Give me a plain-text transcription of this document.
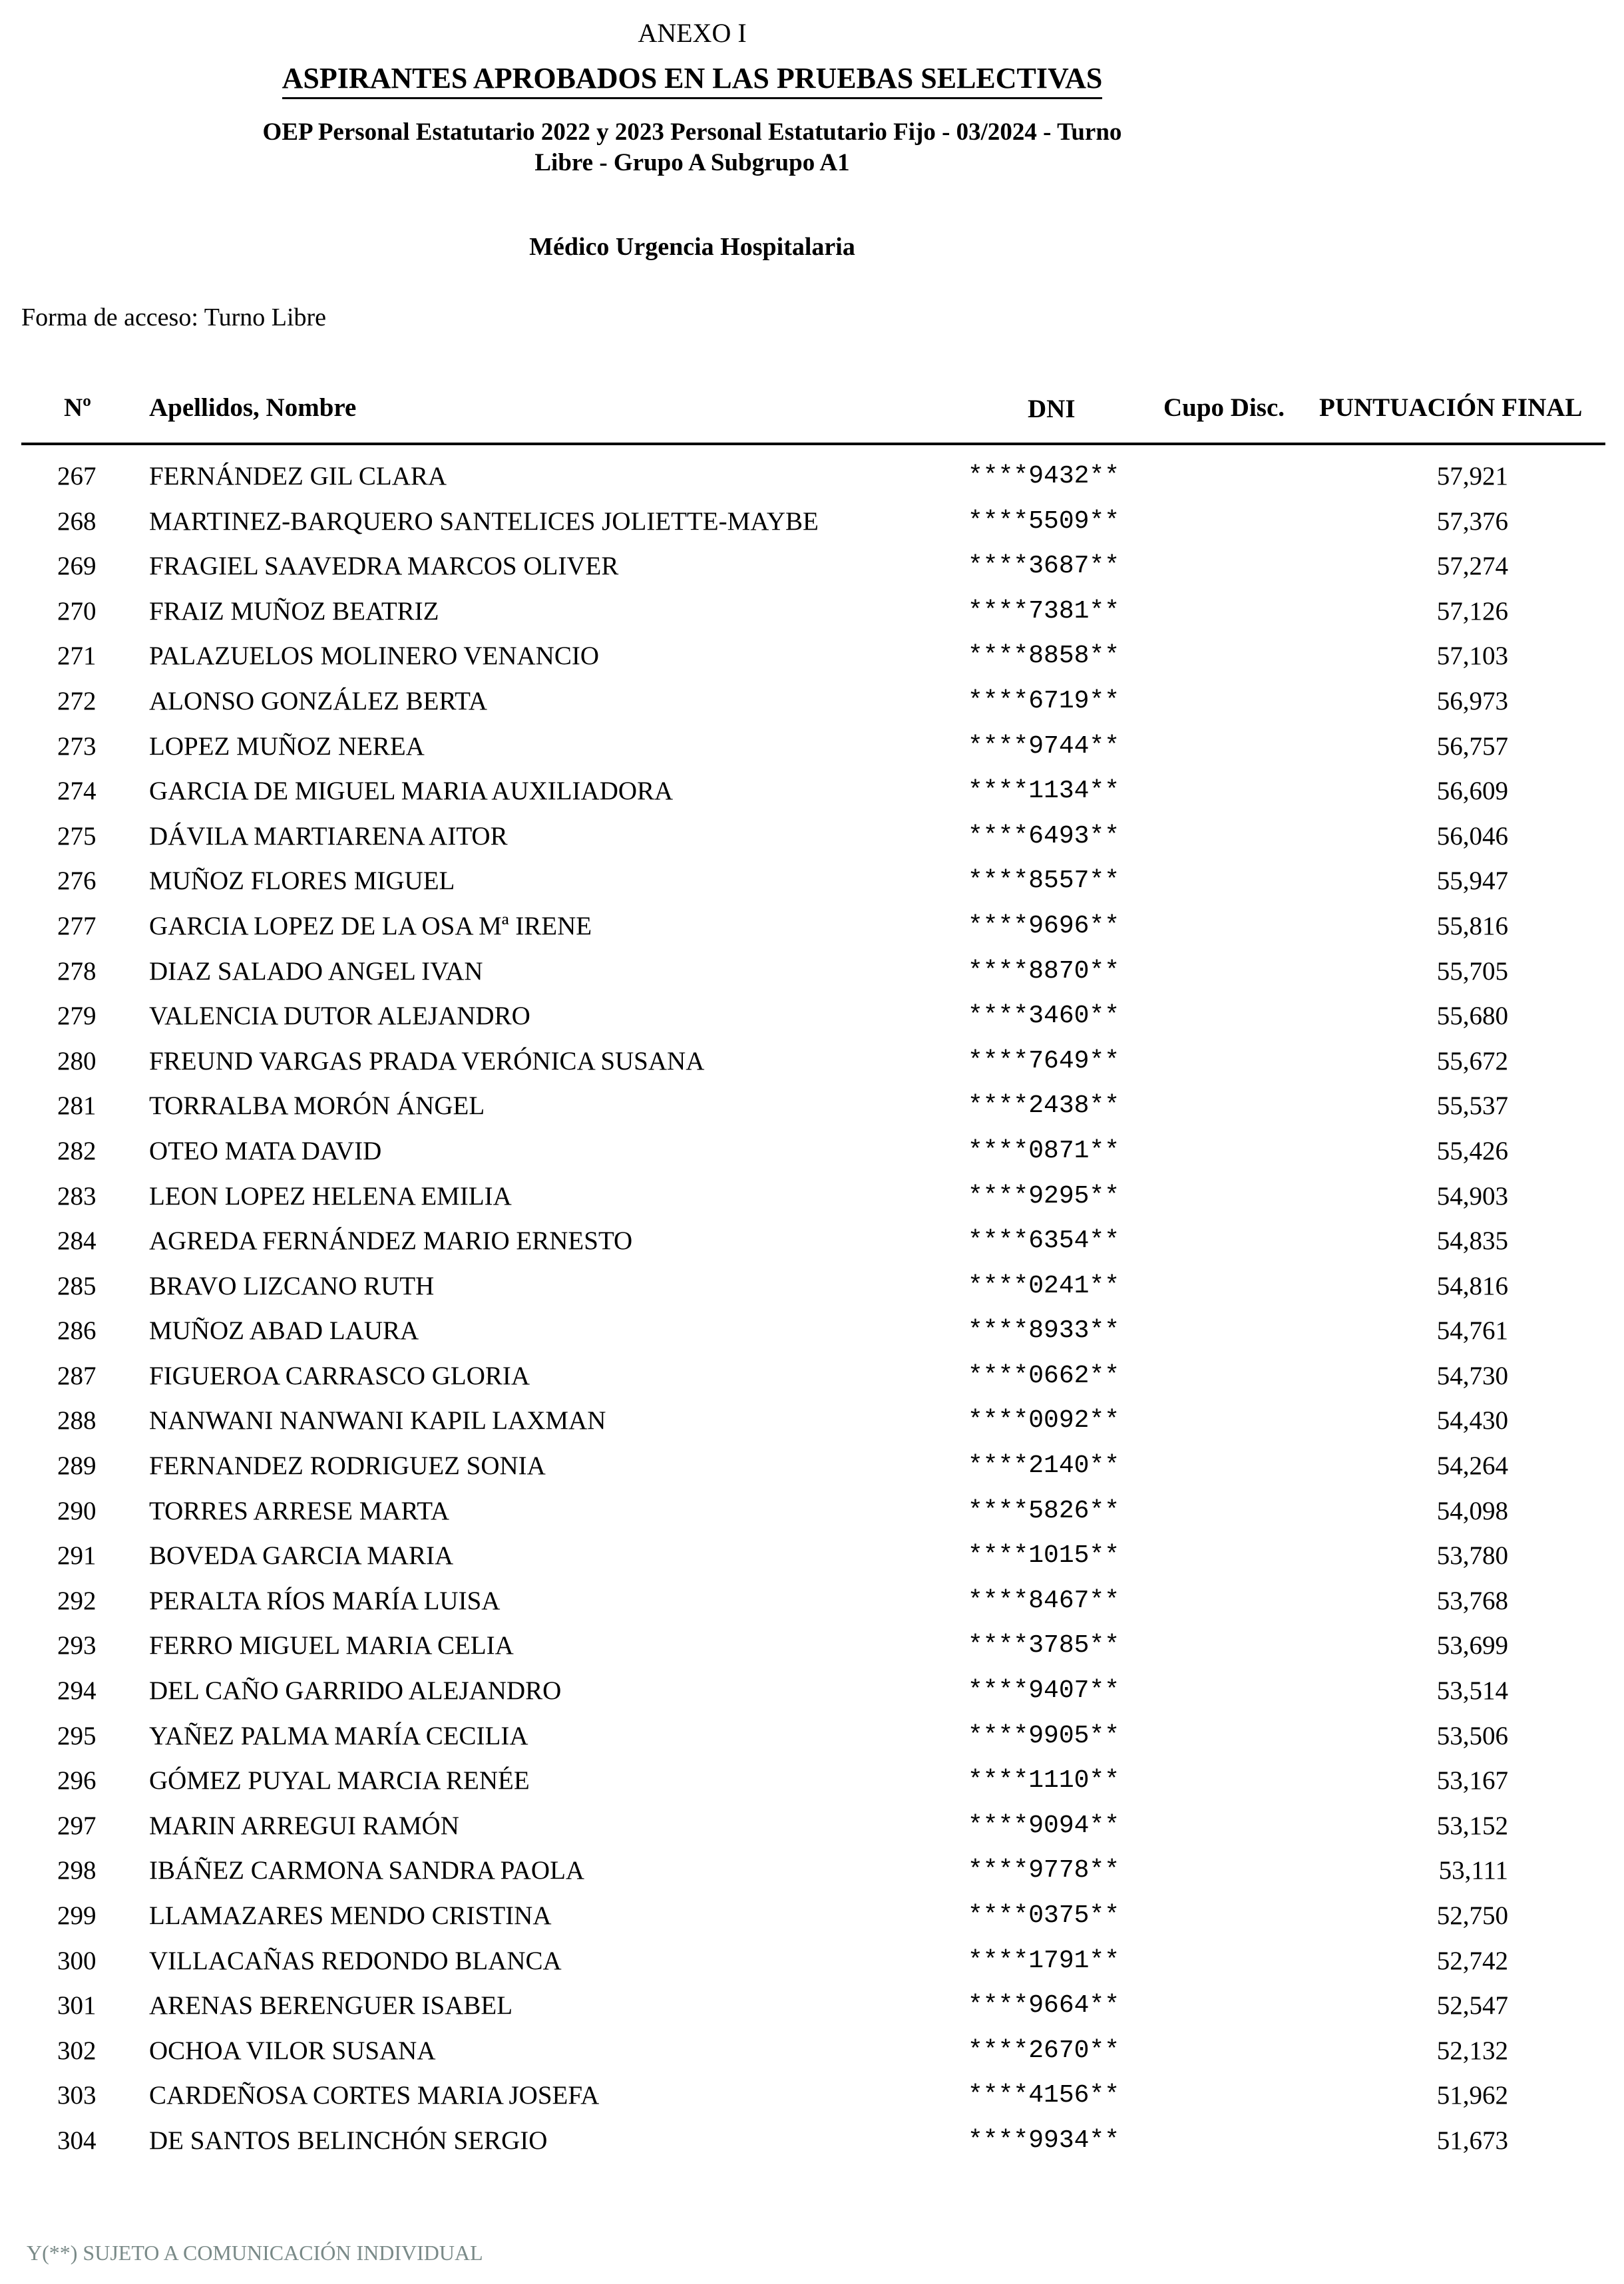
ANEXO I
ASPIRANTES APROBADOS EN LAS PRUEBAS SELECTIVAS
OEP Personal Estatutario 2022 y 2023 Personal Estatutario Fijo - 03/2024 - Turno
Libre - Grupo A Subgrupo A1
Médico Urgencia Hospitalaria
Forma de acceso: Turno Libre
Nº Apellidos, Nombre	DNI	Cupo Disc. PUNTUACIÓN FINAL
267 FERNÁNDEZ GIL CLARA	****9432**	57,921
268 MARTINEZ-BARQUERO SANTELICES JOLIETTE-MAYBE	****5509**	57,376
269 FRAGIEL SAAVEDRA MARCOS OLIVER	****3687**	57,274
270 FRAIZ MUÑOZ BEATRIZ	****7381**	57,126
271 PALAZUELOS MOLINERO VENANCIO	****8858**	57,103
272 ALONSO GONZÁLEZ BERTA	****6719**	56,973
273 LOPEZ MUÑOZ NEREA	****9744**	56,757
274 GARCIA DE MIGUEL MARIA AUXILIADORA	****1134**	56,609
275 DÁVILA MARTIARENA AITOR	****6493**	56,046
276 MUÑOZ FLORES MIGUEL	****8557**	55,947
277 GARCIA LOPEZ DE LA OSA Mª IRENE	****9696**	55,816
278 DIAZ SALADO ANGEL IVAN	****8870**	55,705
279 VALENCIA DUTOR ALEJANDRO	****3460**	55,680
280 FREUND VARGAS PRADA VERÓNICA SUSANA	****7649**	55,672
281 TORRALBA MORÓN ÁNGEL	****2438**	55,537
282 OTEO MATA DAVID	****0871**	55,426
283 LEON LOPEZ HELENA EMILIA	****9295**	54,903
284 AGREDA FERNÁNDEZ MARIO ERNESTO	****6354**	54,835
285 BRAVO LIZCANO RUTH	****0241**	54,816
286 MUÑOZ ABAD LAURA	****8933**	54,761
287 FIGUEROA CARRASCO GLORIA	****0662**	54,730
288 NANWANI NANWANI KAPIL LAXMAN	****0092**	54,430
289 FERNANDEZ RODRIGUEZ SONIA	****2140**	54,264
290 TORRES ARRESE MARTA	****5826**	54,098
291 BOVEDA GARCIA MARIA	****1015**	53,780
292 PERALTA RÍOS MARÍA LUISA	****8467**	53,768
293 FERRO MIGUEL MARIA CELIA	****3785**	53,699
294 DEL CAÑO GARRIDO ALEJANDRO	****9407**	53,514
295 YAÑEZ PALMA MARÍA CECILIA	****9905**	53,506
296 GÓMEZ PUYAL MARCIA RENÉE	****1110**	53,167
297 MARIN ARREGUI RAMÓN	****9094**	53,152
298 IBÁÑEZ CARMONA SANDRA PAOLA	****9778**	53,111
299 LLAMAZARES MENDO CRISTINA	****0375**	52,750
300 VILLACAÑAS REDONDO BLANCA	****1791**	52,742
301 ARENAS BERENGUER ISABEL	****9664**	52,547
302 OCHOA VILOR SUSANA	****2670**	52,132
303 CARDEÑOSA CORTES MARIA JOSEFA	****4156**	51,962
304 DE SANTOS BELINCHÓN SERGIO	****9934**	51,673
Y(**) SUJETO A COMUNICACIÓN INDIVIDUAL
